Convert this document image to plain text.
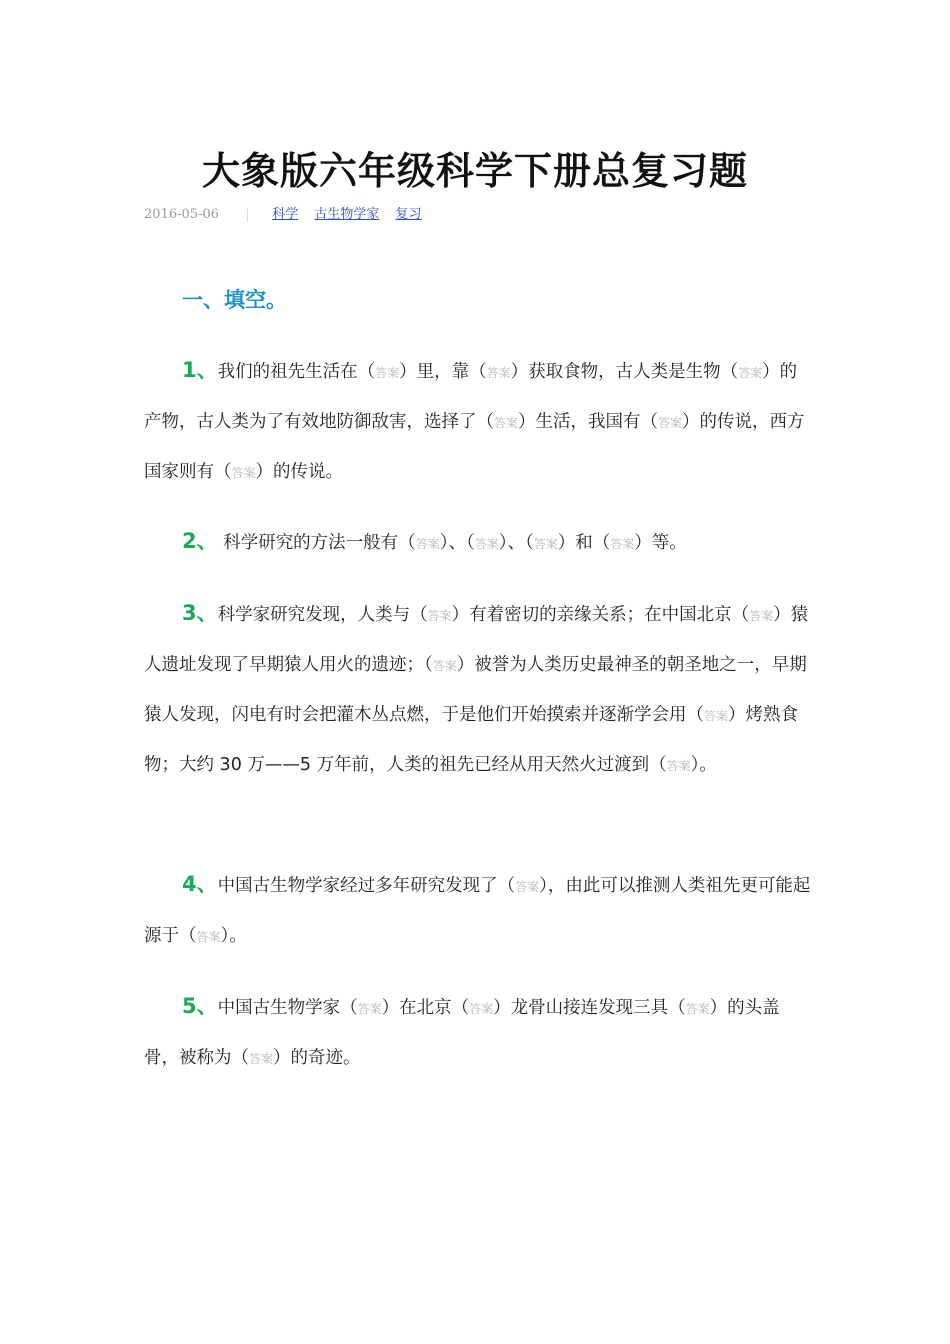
大象版六年级科学下册总复习题
2016-05-06	科学 古生物学家 复习
一、填空。

1、我们的祖先生活在（答案）里，靠（答案）获取食物，古人类是生物（答案）的产物，古人类为了有效地防御敌害，选择了（答案）生活，我国有（答案）的传说，西方国家则有（答案）的传说。

2、 科学研究的方法一般有（答案）、（答案）、（答案）和（答案）等。

3、科学家研究发现，人类与（答案）有着密切的亲缘关系；在中国北京（答案）猿人遗址发现了早期猿人用火的遗迹；（答案）被誉为人类历史最神圣的朝圣地之一，早期猿人发现，闪电有时会把灌木丛点燃，于是他们开始摸索并逐渐学会用（答案）烤熟食物；大约 30 万——5 万年前，人类的祖先已经从用天然火过渡到（答案）。

4、中国古生物学家经过多年研究发现了（答案），由此可以推测人类祖先更可能起源于（答案）。

5、中国古生物学家（答案）在北京（答案）龙骨山接连发现三具（答案）的头盖骨，被称为（答案）的奇迹。
